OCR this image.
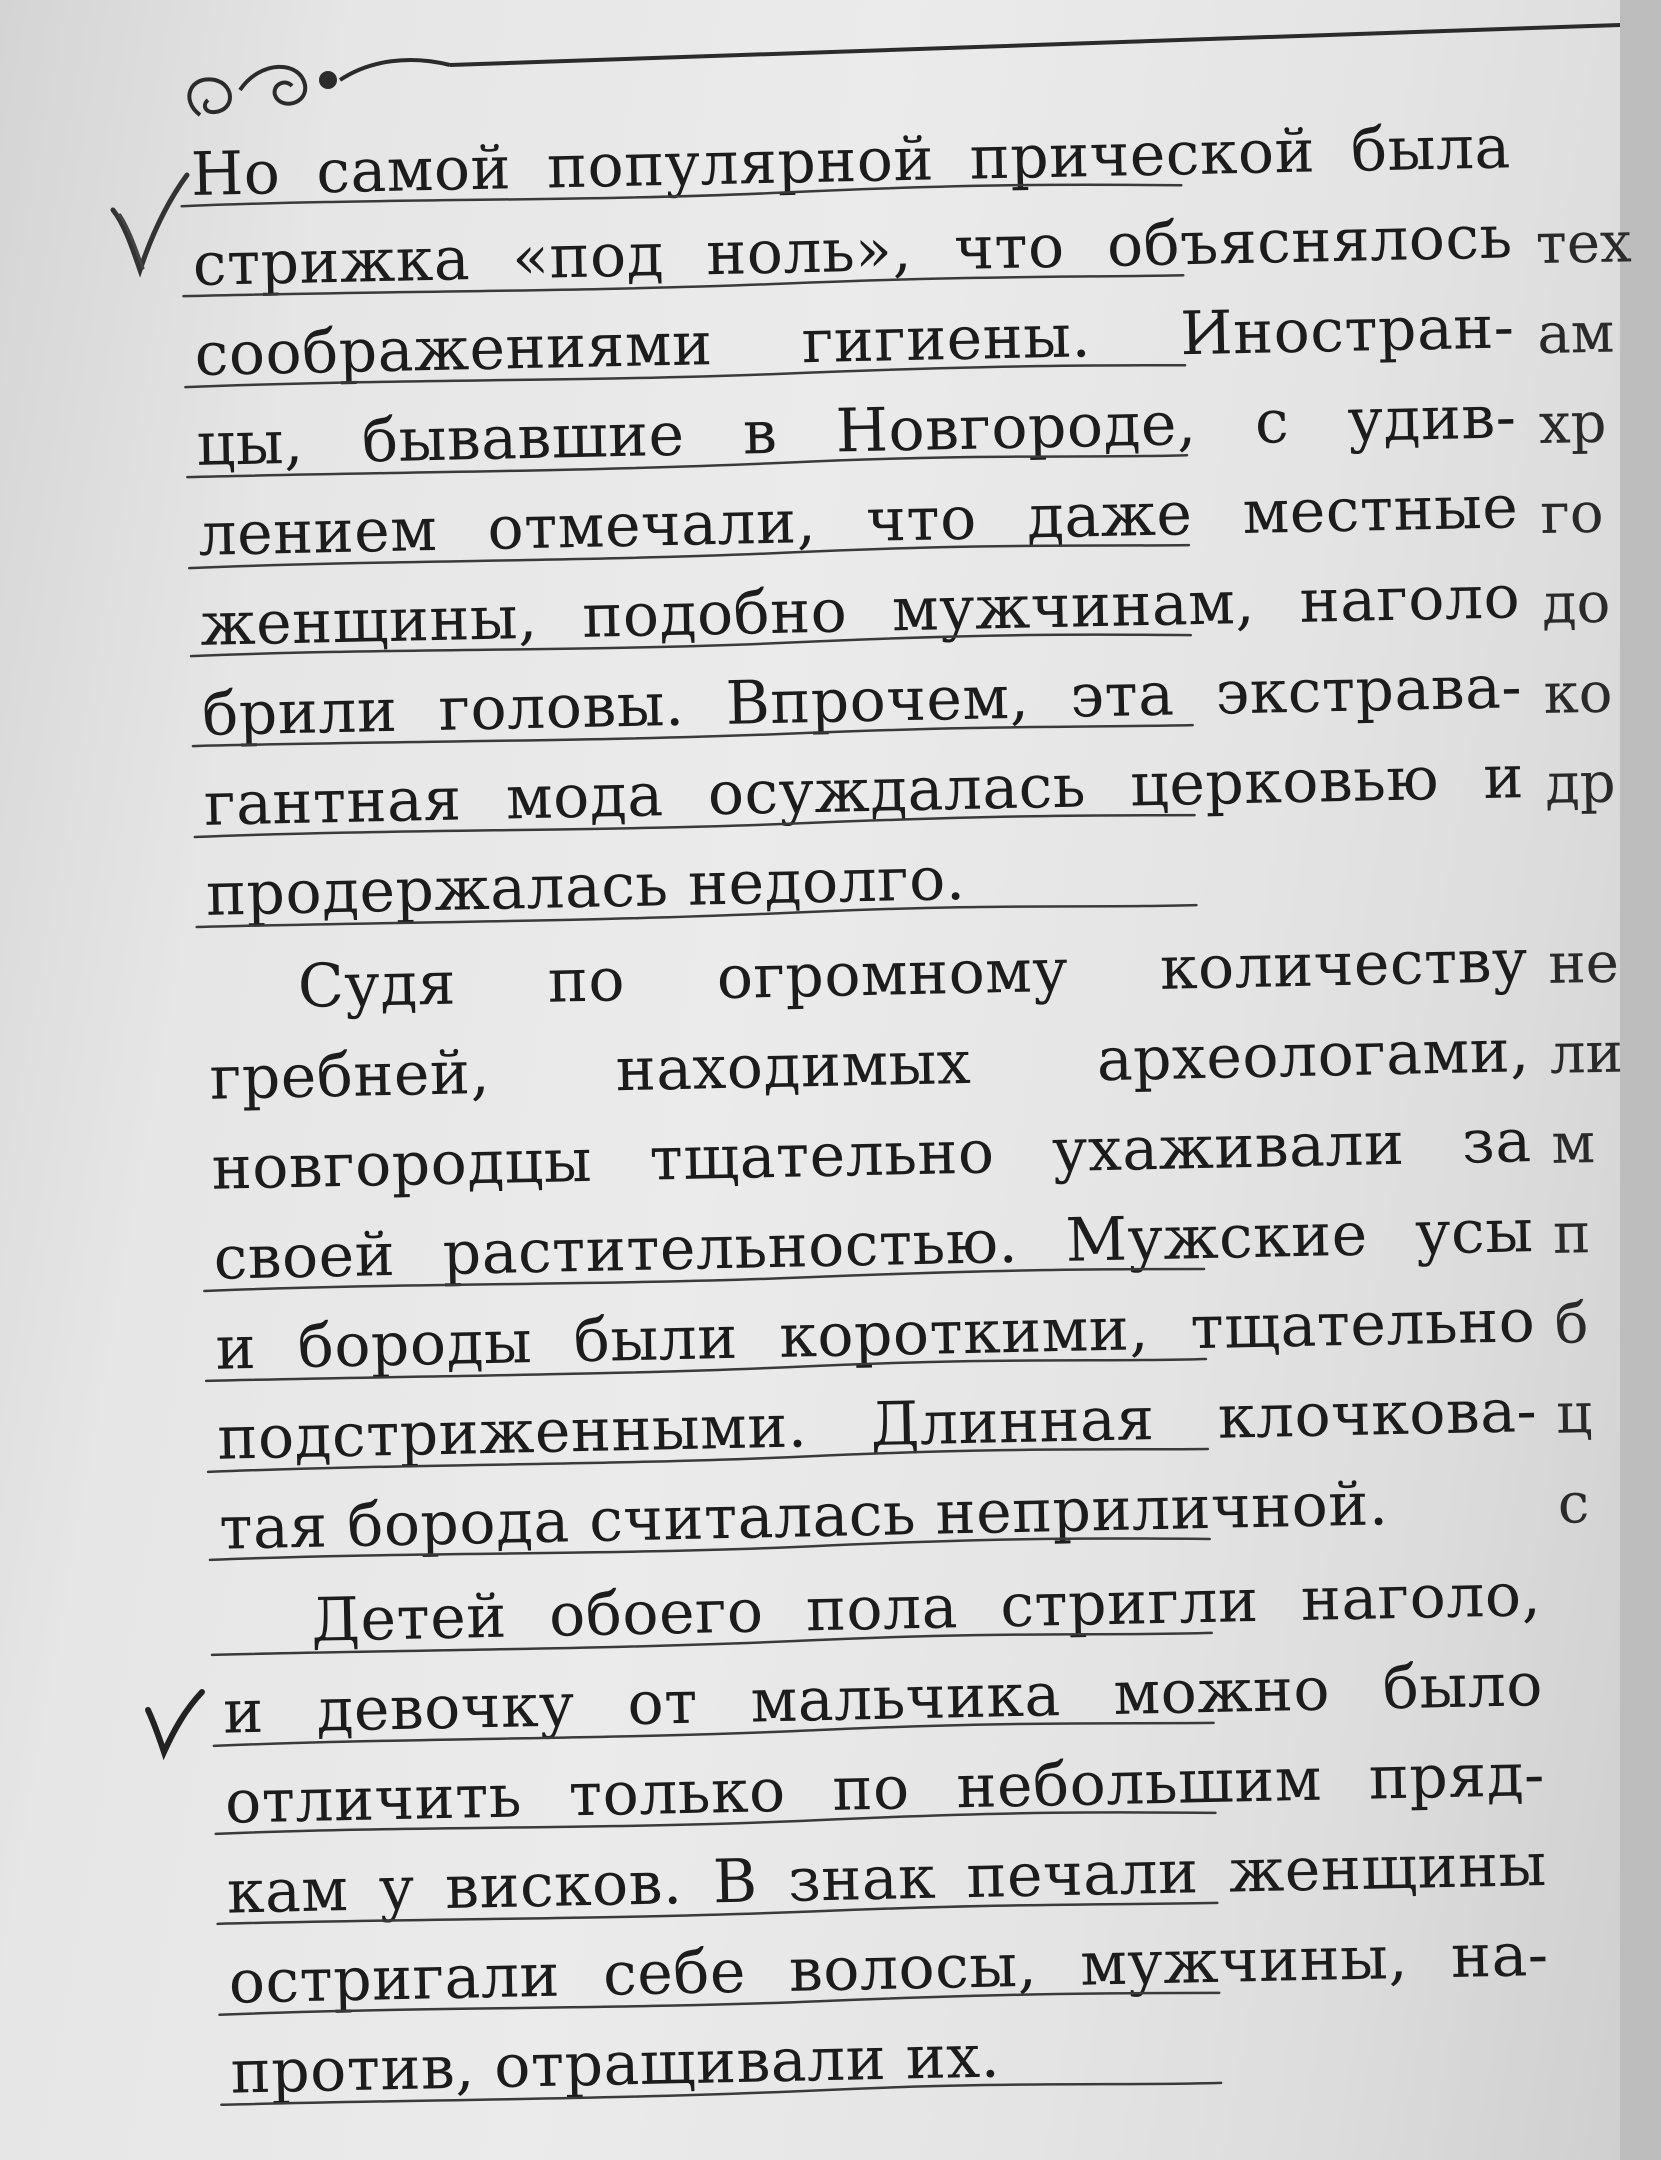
Но самой популярной прической была
стрижка «под ноль», что объяснялось
соображениями гигиены. Иностран-
цы, бывавшие в Новгороде, с удив-
лением отмечали, что даже местные
женщины, подобно мужчинам, наголо
брили головы. Впрочем, эта экстрава-
гантная мода осуждалась церковью и
продержалась недолго.
Судя по огромному количеству
гребней, находимых археологами,
новгородцы тщательно ухаживали за
своей растительностью. Мужские усы
и бороды были короткими, тщательно
подстриженными. Длинная клочкова-
тая борода считалась неприличной.
Детей обоего пола стригли наголо,
и девочку от мальчика можно было
отличить только по небольшим пряд-
кам у висков. В знак печали женщины
остригали себе волосы, мужчины, на-
против, отращивали их.
тех
ам
хр
го
до
ко
др
не
ли
м
п
б
ц
с
